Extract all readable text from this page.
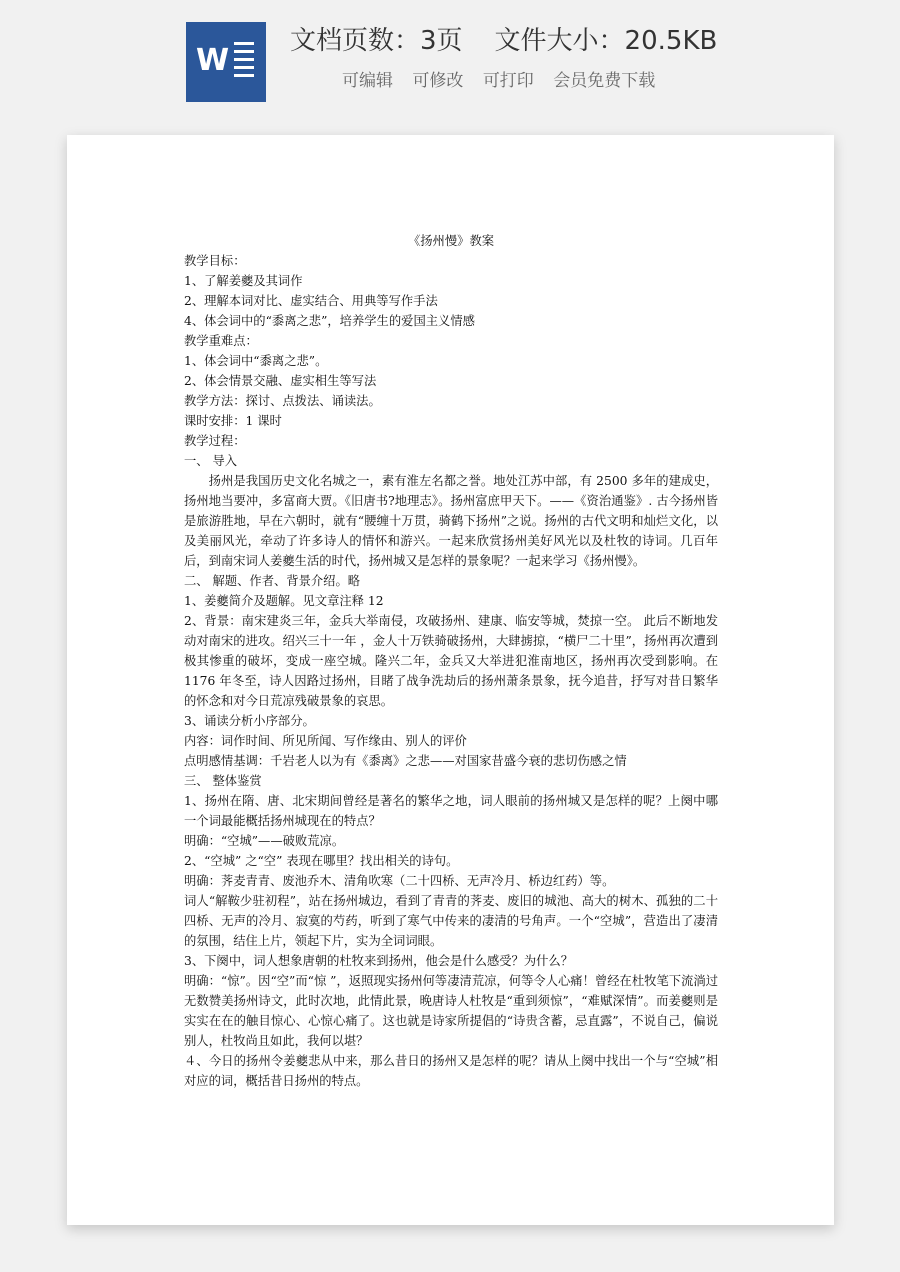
W
文档页数：3页 文件大小：20.5KB
可编辑 可修改 可打印 会员免费下载

《扬州慢》教案

教学目标：

1、了解姜夔及其词作

2、理解本词对比、虚实结合、用典等写作手法

4、体会词中的“黍离之悲”，培养学生的爱国主义情感

教学重难点：

1、体会词中“黍离之悲”。

2、体会情景交融、虚实相生等写法

教学方法：探讨、点拨法、诵读法。

课时安排：1 课时

教学过程：

一、 导入

扬州是我国历史文化名城之一，素有淮左名都之誉。地处江苏中部，有 2500 多年的建成史，扬州地当要冲，多富商大贾。《旧唐书?地理志》。扬州富庶甲天下。——《资治通鉴》. 古今扬州皆是旅游胜地，早在六朝时，就有“腰缠十万贯，骑鹤下扬州”之说。扬州的古代文明和灿烂文化，以及美丽风光，牵动了许多诗人的情怀和游兴。一起来欣赏扬州美好风光以及杜牧的诗词。几百年后，到南宋词人姜夔生活的时代，扬州城又是怎样的景象呢？一起来学习《扬州慢》。

二、 解题、作者、背景介绍。略

1、姜夔简介及题解。见文章注释 12

2、背景：南宋建炎三年，金兵大举南侵，攻破扬州、建康、临安等城，焚掠一空。 此后不断地发动对南宋的进攻。绍兴三十一年 ，金人十万铁骑破扬州，大肆掳掠，“横尸二十里”，扬州再次遭到极其惨重的破坏，变成一座空城。隆兴二年，金兵又大举进犯淮南地区，扬州再次受到影响。在 1176 年冬至，诗人因路过扬州，目睹了战争洗劫后的扬州萧条景象，抚今追昔，抒写对昔日繁华的怀念和对今日荒凉残破景象的哀思。

3、诵读分析小序部分。

内容：词作时间、所见所闻、写作缘由、别人的评价

点明感情基调：千岩老人以为有《黍离》之悲——对国家昔盛今衰的悲切伤感之情

三、 整体鉴赏

1、扬州在隋、唐、北宋期间曾经是著名的繁华之地，词人眼前的扬州城又是怎样的呢？上阕中哪一个词最能概括扬州城现在的特点？

明确：“空城”——破败荒凉。

2、“空城” 之“空” 表现在哪里？找出相关的诗句。

明确：荠麦青青、废池乔木、清角吹寒（二十四桥、无声冷月、桥边红药）等。

词人“解鞍少驻初程”，站在扬州城边，看到了青青的荠麦、废旧的城池、高大的树木、孤独的二十四桥、无声的冷月、寂寞的芍药，听到了寒气中传来的凄清的号角声。一个“空城”，营造出了凄清的氛围，结住上片，领起下片，实为全词词眼。

3、下阕中，词人想象唐朝的杜牧来到扬州，他会是什么感受？为什么？

明确：“惊”。因“空”而“惊 ”，返照现实扬州何等凄清荒凉，何等令人心痛！曾经在杜牧笔下流淌过无数赞美扬州诗文，此时次地，此情此景，晚唐诗人杜牧是“重到须惊”，“难赋深情”。而姜夔则是实实在在的触目惊心、心惊心痛了。这也就是诗家所提倡的“诗贵含蓄，忌直露”，不说自己，偏说别人，杜牧尚且如此，我何以堪？

４、今日的扬州令姜夔悲从中来，那么昔日的扬州又是怎样的呢？请从上阕中找出一个与“空城”相对应的词，概括昔日扬州的特点。
